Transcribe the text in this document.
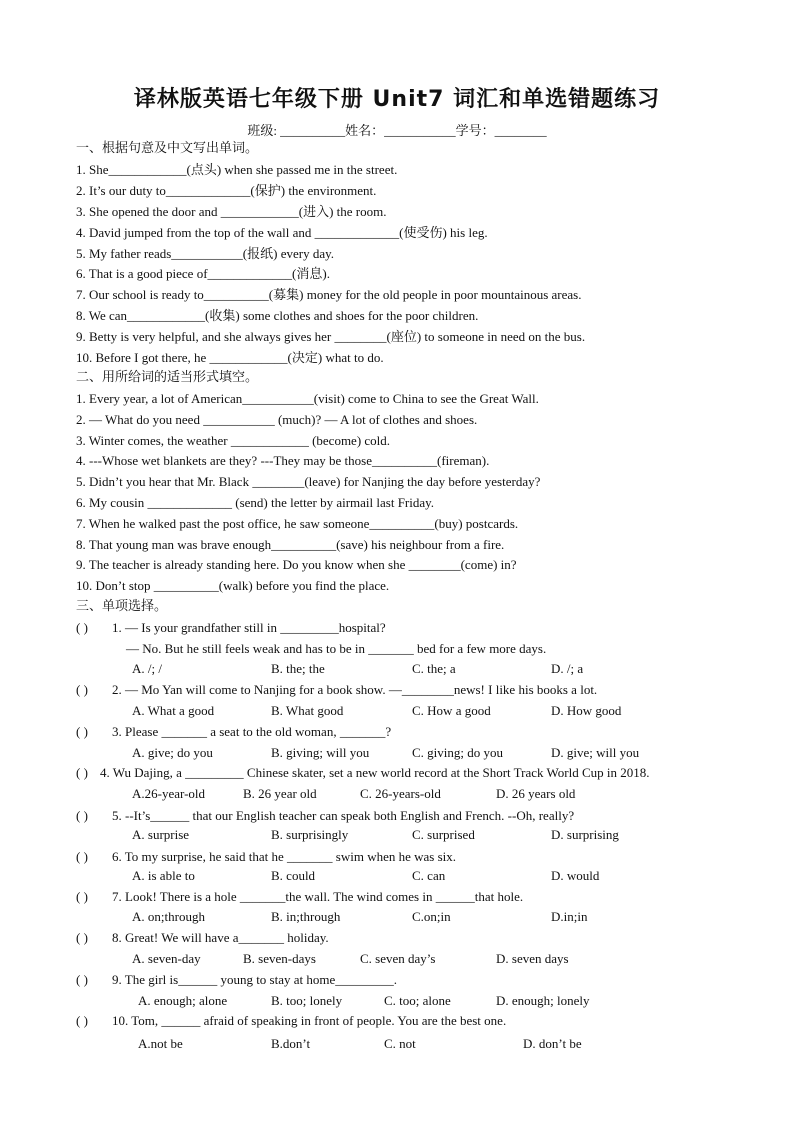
译林版英语七年级下册 Unit7 词汇和单选错题练习
班级: __________姓名：___________学号：________
一、根据句意及中文写出单词。
1. She____________(点头) when she passed me in the street.
2. It’s our duty to_____________(保护) the environment.
3. She opened the door and ____________(进入) the room.
4. David jumped from the top of the wall and _____________(使受伤) his leg.
5. My father reads___________(报纸) every day.
6. That is a good piece of_____________(消息).
7. Our school is ready to__________(募集) money for the old people in poor mountainous areas.
8. We can____________(收集) some clothes and shoes for the poor children.
9. Betty is very helpful, and she always gives her ________(座位) to someone in need on the bus.
10. Before I got there, he ____________(决定) what to do.
二、用所给词的适当形式填空。
1. Every year, a lot of American___________(visit) come to China to see the Great Wall.
2. — What do you need ___________ (much)? — A lot of clothes and shoes.
3. Winter comes, the weather ____________ (become) cold.
4. ---Whose wet blankets are they? ---They may be those__________(fireman).
5. Didn’t you hear that Mr. Black ________(leave) for Nanjing the day before yesterday?
6. My cousin _____________ (send) the letter by airmail last Friday.
7. When he walked past the post office, he saw someone__________(buy) postcards.
8. That young man was brave enough__________(save) his neighbour from a fire.
9. The teacher is already standing here. Do you know when she ________(come) in?
10. Don’t stop __________(walk) before you find the place.
三、单项选择。
( ) 1. — Is your grandfather still in _________hospital?
— No. But he still feels weak and has to be in _______ bed for a few more days.
A. /; /	B. the; the	C. the; a	D. /; a
( ) 2. — Mo Yan will come to Nanjing for a book show. —________news! I like his books a lot.
A. What a good	B. What good	C. How a good	D. How good
( ) 3. Please _______ a seat to the old woman, _______?
A. give; do you	B. giving; will you	C. giving; do you	D. give; will you
( ) 4. Wu Dajing, a _________ Chinese skater, set a new world record at the Short Track World Cup in 2018.
A.26-year-old	B. 26 year old	C. 26-years-old	D. 26 years old
( ) 5. --It’s______ that our English teacher can speak both English and French. --Oh, really?
A. surprise	B. surprisingly	C. surprised	D. surprising
( ) 6. To my surprise, he said that he _______ swim when he was six.
A. is able to	B. could	C. can	D. would
( ) 7. Look! There is a hole _______the wall. The wind comes in ______that hole.
A. on;through	B. in;through	C.on;in	D.in;in
( ) 8. Great! We will have a_______ holiday.
A. seven-day	B. seven-days	C. seven day’s	D. seven days
( ) 9. The girl is______ young to stay at home_________.
A. enough; alone	B. too; lonely	C. too; alone	D. enough; lonely
( ) 10. Tom, ______ afraid of speaking in front of people. You are the best one.
A.not be	B.don’t	C. not	D. don’t be
